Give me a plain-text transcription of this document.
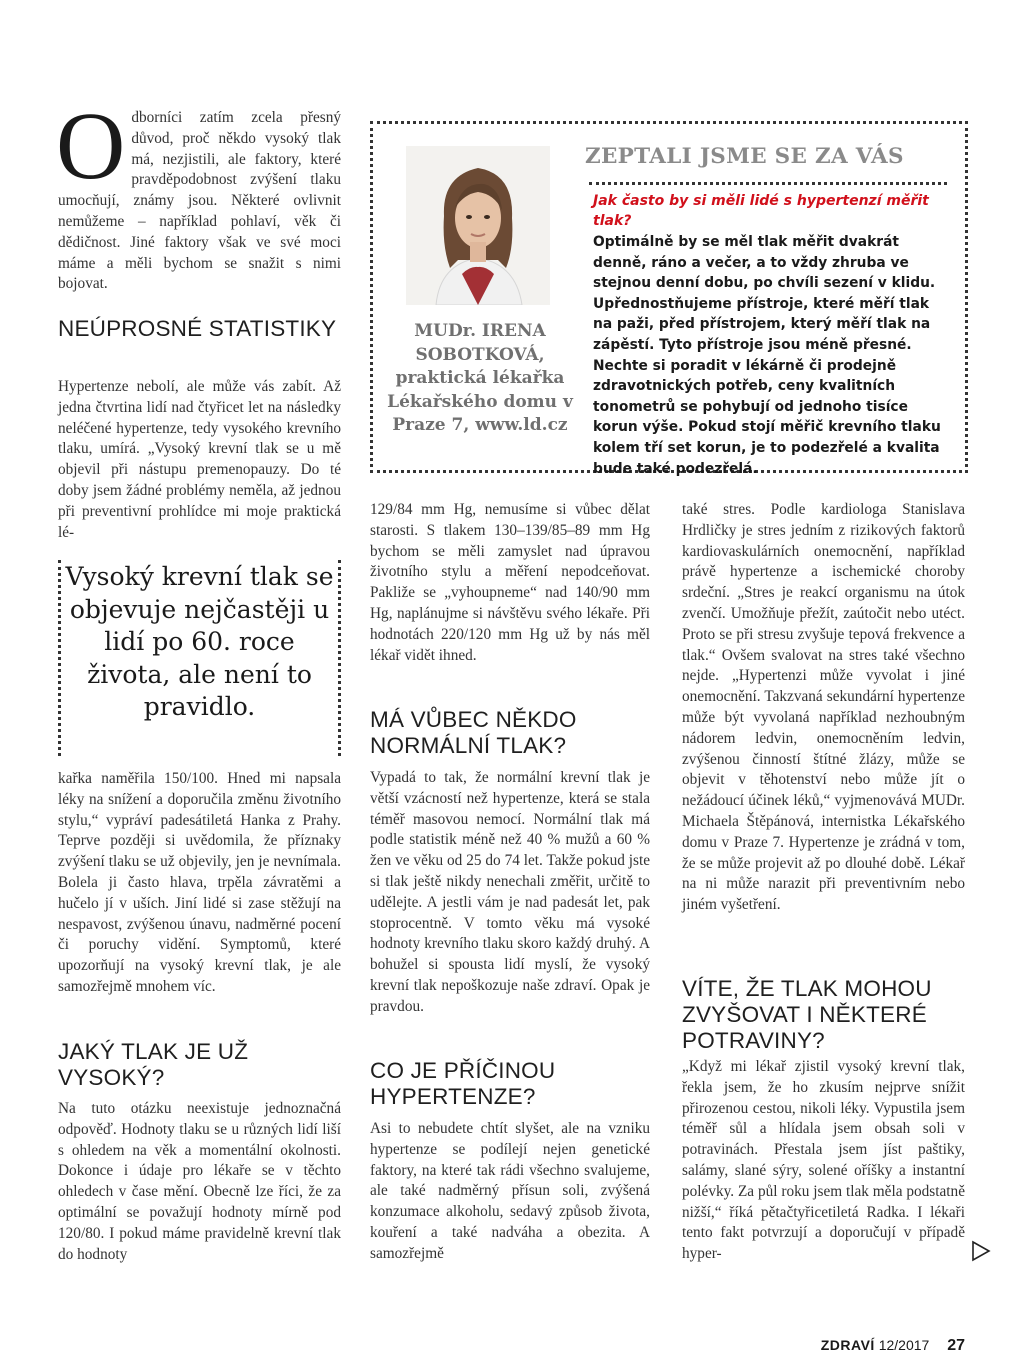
Odborníci zatím zcela přesný důvod, proč někdo vysoký tlak má, nezjistili, ale faktory, které pravděpodobnost zvýšení tlaku umocňují, známy jsou. Některé ovlivnit nemůžeme – například pohlaví, věk či dědičnost. Jiné faktory však ve své moci máme a měli bychom se snažit s nimi bojovat.
NEÚPROSNÉ STATISTIKY
Hypertenze nebolí, ale může vás zabít. Až jedna čtvrtina lidí nad čtyřicet let na následky neléčené hypertenze, tedy vysokého krevního tlaku, umírá. „Vysoký krevní tlak se u mě objevil při nástupu premenopauzy. Do té doby jsem žádné problémy neměla, až jednou při preventivní prohlídce mi moje praktická lé-
Vysoký krevní tlak se objevuje nejčastěji u lidí po 60. roce života, ale není to pravidlo.
kařka naměřila 150/100. Hned mi napsala léky na snížení a doporučila změnu životního stylu,“ vypráví padesátiletá Hanka z Prahy. Teprve později si uvědomila, že příznaky zvýšení tlaku se už objevily, jen je nevnímala. Bolela ji často hlava, trpěla závratěmi a hučelo jí v uších. Jiní lidé si zase stěžují na nespavost, zvýšenou únavu, nadměrné pocení či poruchy vidění. Symptomů, které upozorňují na vysoký krevní tlak, je ale samozřejmě mnohem víc.
JAKÝ TLAK JE UŽ VYSOKÝ?
Na tuto otázku neexistuje jednoznačná odpověď. Hodnoty tlaku se u různých lidí liší s ohledem na věk a momentální okolnosti. Dokonce i údaje pro lékaře se v těchto ohledech v čase mění. Obecně lze říci, že za optimální se považují hodnoty mírně pod 120/80. I pokud máme pravidelně krevní tlak do hodnoty
MUDr. IRENA SOBOTKOVÁ, praktická lékařka Lékařského domu v Praze 7, www.ld.cz
ZEPTALI JSME SE ZA VÁS
Jak často by si měli lidé s hypertenzí měřit tlak?
Optimálně by se měl tlak měřit dvakrát denně, ráno a večer, a to vždy zhruba ve stejnou denní dobu, po chvíli sezení v klidu. Upřednostňujeme přístroje, které měří tlak na paži, před přístrojem, který měří tlak na zápěstí. Tyto přístroje jsou méně přesné. Nechte si poradit v lékárně či prodejně zdravotnických potřeb, ceny kvalitních tonometrů se pohybují od jednoho tisíce korun výše. Pokud stojí měřič krevního tlaku kolem tří set korun, je to podezřelé a kvalita bude také podezřelá.
129/84 mm Hg, nemusíme si vůbec dělat starosti. S tlakem 130–139/85–89 mm Hg bychom se měli zamyslet nad úpravou životního stylu a měření nepodceňovat. Pakliže se „vyhoupneme“ nad 140/90 mm Hg, naplánujme si návštěvu svého lékaře. Při hodnotách 220/120 mm Hg už by nás měl lékař vidět ihned.
MÁ VŮBEC NĚKDO NORMÁLNÍ TLAK?
Vypadá to tak, že normální krevní tlak je větší vzácností než hypertenze, která se stala téměř masovou nemocí. Normální tlak má podle statistik méně než 40 % mužů a 60 % žen ve věku od 25 do 74 let. Takže pokud jste si tlak ještě nikdy nenechali změřit, určitě to udělejte. A jestli vám je nad padesát let, pak stoprocentně. V tomto věku má vysoké hodnoty krevního tlaku skoro každý druhý. A bohužel si spousta lidí myslí, že vysoký krevní tlak nepoškozuje naše zdraví. Opak je pravdou.
CO JE PŘÍČINOU HYPERTENZE?
Asi to nebudete chtít slyšet, ale na vzniku hypertenze se podílejí nejen genetické faktory, na které tak rádi všechno svalujeme, ale také nadměrný přísun soli, zvýšená konzumace alkoholu, sedavý způsob života, kouření a také nadváha a obezita. A samozřejmě
také stres. Podle kardiologa Stanislava Hrdličky je stres jedním z rizikových faktorů kardiovaskulárních onemocnění, například právě hypertenze a ischemické choroby srdeční. „Stres je reakcí organismu na útok zvenčí. Umožňuje přežít, zaútočit nebo utéct. Proto se při stresu zvyšuje tepová frekvence a tlak.“ Ovšem svalovat na stres také všechno nejde. „Hypertenzi může vyvolat i jiné onemocnění. Takzvaná sekundární hypertenze může být vyvolaná například nezhoubným nádorem ledvin, onemocněním ledvin, zvýšenou činností štítné žlázy, může se objevit v těhotenství nebo může jít o nežádoucí účinek léků,“ vyjmenovává MUDr. Michaela Štěpánová, internistka Lékařského domu v Praze 7. Hypertenze je zrádná v tom, že se může projevit až po dlouhé době. Lékař na ni může narazit při preventivním nebo jiném vyšetření.
VÍTE, ŽE TLAK MOHOU ZVYŠOVAT I NĚKTERÉ POTRAVINY?
„Když mi lékař zjistil vysoký krevní tlak, řekla jsem, že ho zkusím nejprve snížit přirozenou cestou, nikoli léky. Vypustila jsem téměř sůl a hlídala jsem obsah soli v potravinách. Přestala jsem jíst paštiky, salámy, slané sýry, solené oříšky a instantní polévky. Za půl roku jsem tlak měla podstatně nižší,“ říká pětačtyřicetiletá Radka. I lékaři tento fakt potvrzují a doporučují v případě hyper-
ZDRAVÍ 12/2017 27
